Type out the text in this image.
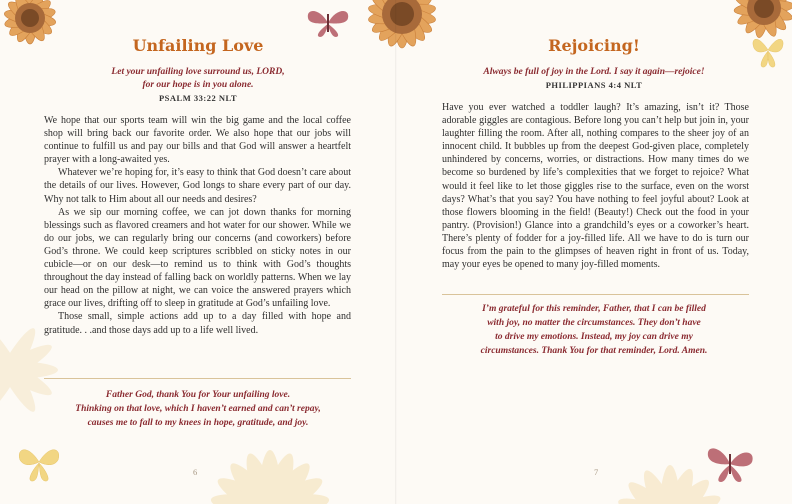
Unfailing Love
Let your unfailing love surround us, LORD,
for our hope is in you alone.
PSALM 33:22 NLT

We hope that our sports team will win the big game and the local coffee shop will bring back our favorite order. We also hope that our jobs will continue to fulfill us and pay our bills and that God will answer a heartfelt prayer with a long-awaited yes.

Whatever we’re hoping for, it’s easy to think that God doesn’t care about the details of our lives. However, God longs to share every part of our day. Why not talk to Him about all our needs and desires?

As we sip our morning coffee, we can jot down thanks for morning blessings such as flavored creamers and hot water for our shower. While we do our jobs, we can regularly bring our concerns (and coworkers) before God’s throne. We could keep scriptures scribbled on sticky notes in our cubicle—or on our desk—to remind us to think with God’s thoughts throughout the day instead of falling back on worldly patterns. When we lay our head on the pillow at night, we can voice the answered prayers which grace our lives, drifting off to sleep in gratitude at God’s unfailing love.

Those small, simple actions add up to a day filled with hope and gratitude. . .and those days add up to a life well lived.

Father God, thank You for Your unfailing love.
Thinking on that love, which I haven’t earned and can’t repay,
causes me to fall to my knees in hope, gratitude, and joy.
6
Rejoicing!
Always be full of joy in the Lord. I say it again—rejoice!
PHILIPPIANS 4:4 NLT

Have you ever watched a toddler laugh? It’s amazing, isn’t it? Those adorable giggles are contagious. Before long you can’t help but join in, your laughter filling the room. After all, nothing compares to the sheer joy of an innocent child. It bubbles up from the deepest God-given place, completely unhindered by concerns, worries, or distractions. How many times do we become so burdened by life’s complexities that we forget to rejoice? What would it feel like to let those giggles rise to the surface, even on the worst days? What’s that you say? You have nothing to feel joyful about? Look at those flowers blooming in the field! (Beauty!) Check out the food in your pantry. (Provision!) Glance into a grandchild’s eyes or a coworker’s heart. There’s plenty of fodder for a joy-filled life. All we have to do is turn our focus from the pain to the glimpses of heaven right in front of us. Today, may your eyes be opened to many joy-filled moments.

I’m grateful for this reminder, Father, that I can be filled
with joy, no matter the circumstances. They don’t have
to drive my emotions. Instead, my joy can drive my
circumstances. Thank You for that reminder, Lord. Amen.
7
